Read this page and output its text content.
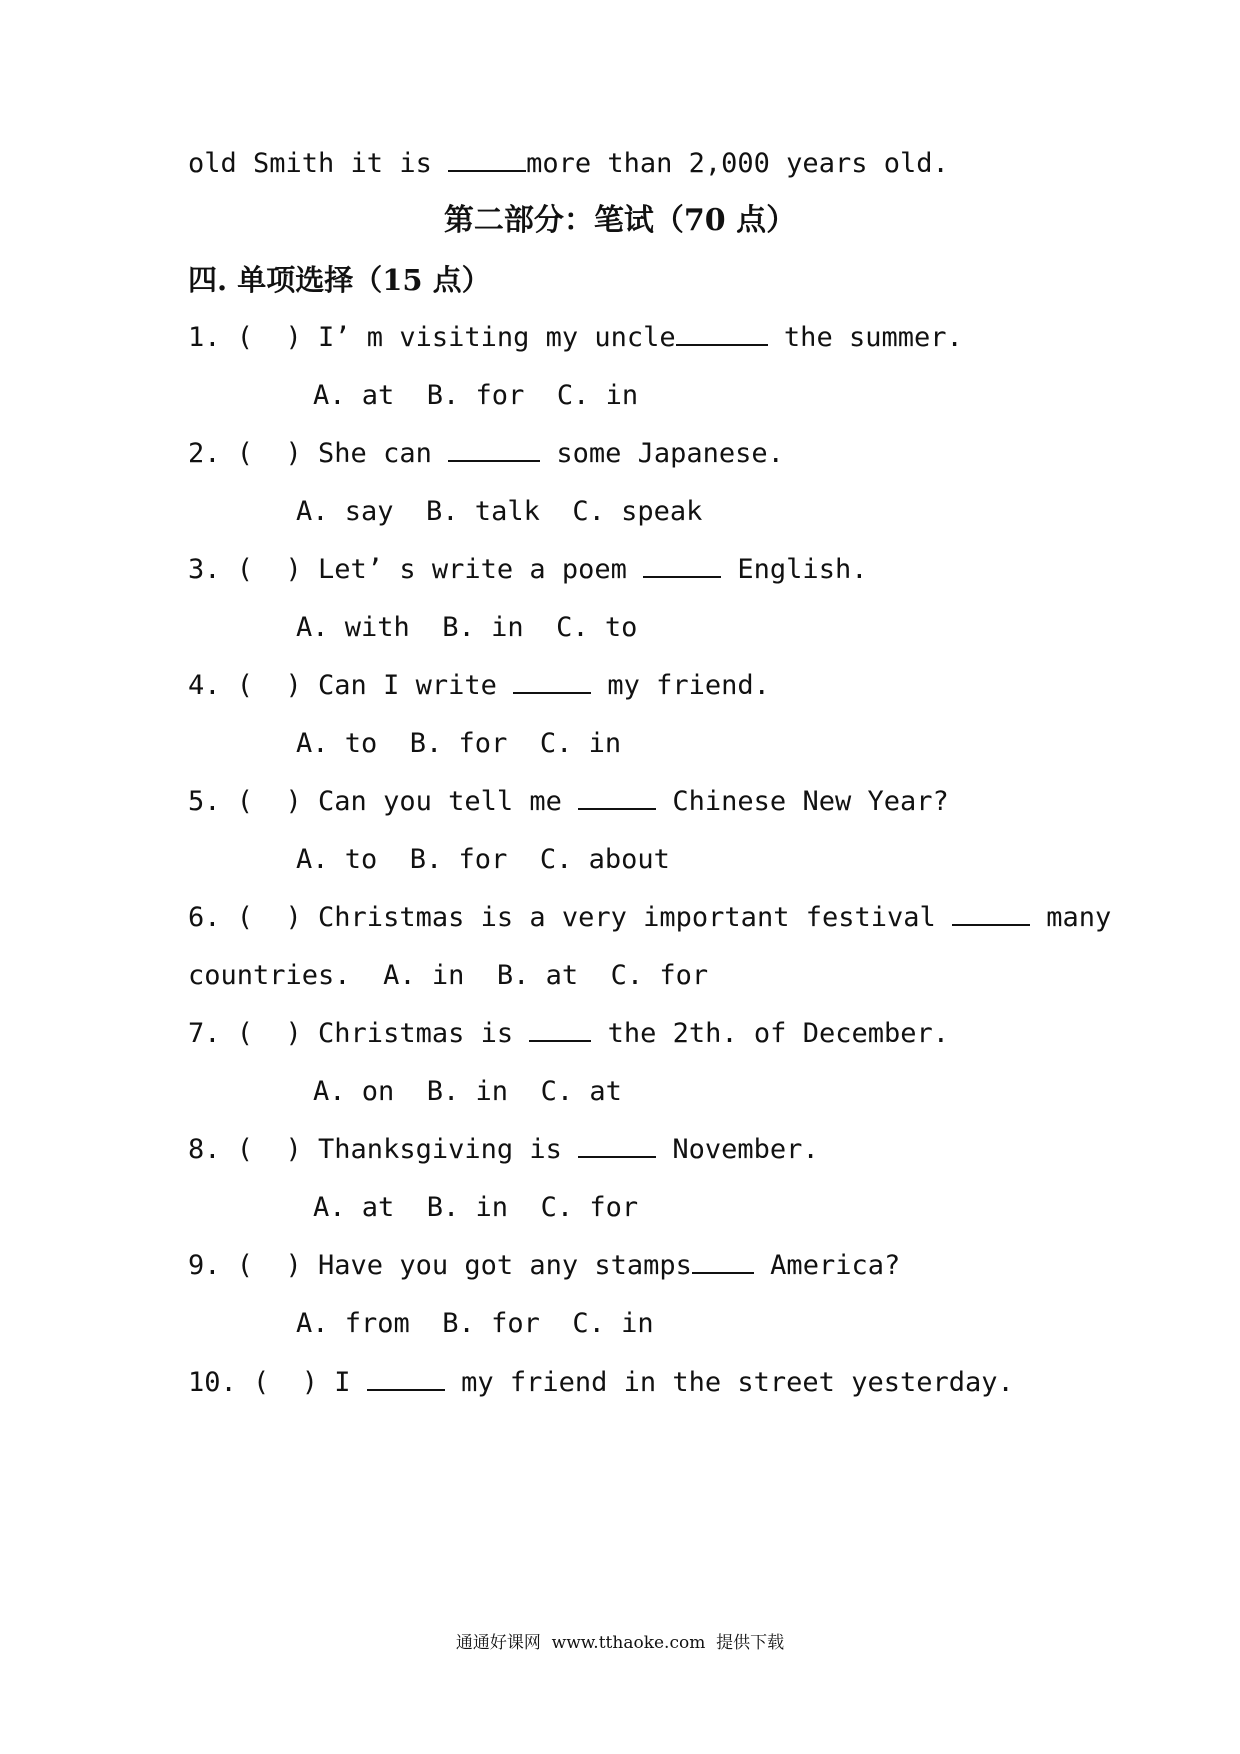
old Smith it is	more than 2,000 years old.
第二部分：笔试（70 点）
四. 单项选择（15 点）
1. (  ) I’ m visiting my uncle	the summer.
A. at  B. for  C. in
2. (  ) She can	some Japanese.
A. say  B. talk  C. speak
3. (  ) Let’ s write a poem	English.
A. with  B. in  C. to
4. (  ) Can I write	my friend.
A. to  B. for  C. in
5. (  ) Can you tell me	Chinese New Year?
A. to  B. for  C. about
6. (  ) Christmas is a very important festival	many
countries.  A. in  B. at  C. for
7. (  ) Christmas is  the 2th. of December.
A. on  B. in  C. at
8. (  ) Thanksgiving is	November.
A. at  B. in  C. for
9. (  ) Have you got any stamps America?
A. from  B. for  C. in
10. (  ) I	my friend in the street yesterday.
通通好课网  www.tthaoke.com  提供下载
